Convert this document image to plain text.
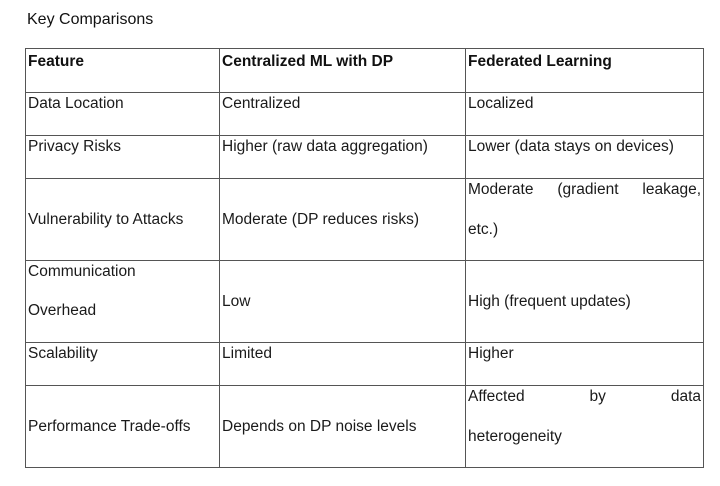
Key Comparisons
Feature	Centralized ML with DP	Federated Learning
Data Location	Centralized	Localized
Privacy Risks	Higher (raw data aggregation)	Lower (data stays on devices)
Vulnerability to Attacks	Moderate (DP reduces risks)	Moderate (gradient leakage,
etc.)

Communication
Overhead	Low	High (frequent updates)
Scalability	Limited	Higher
Performance Trade-offs	Depends on DP noise levels	Affected by data
heterogeneity
